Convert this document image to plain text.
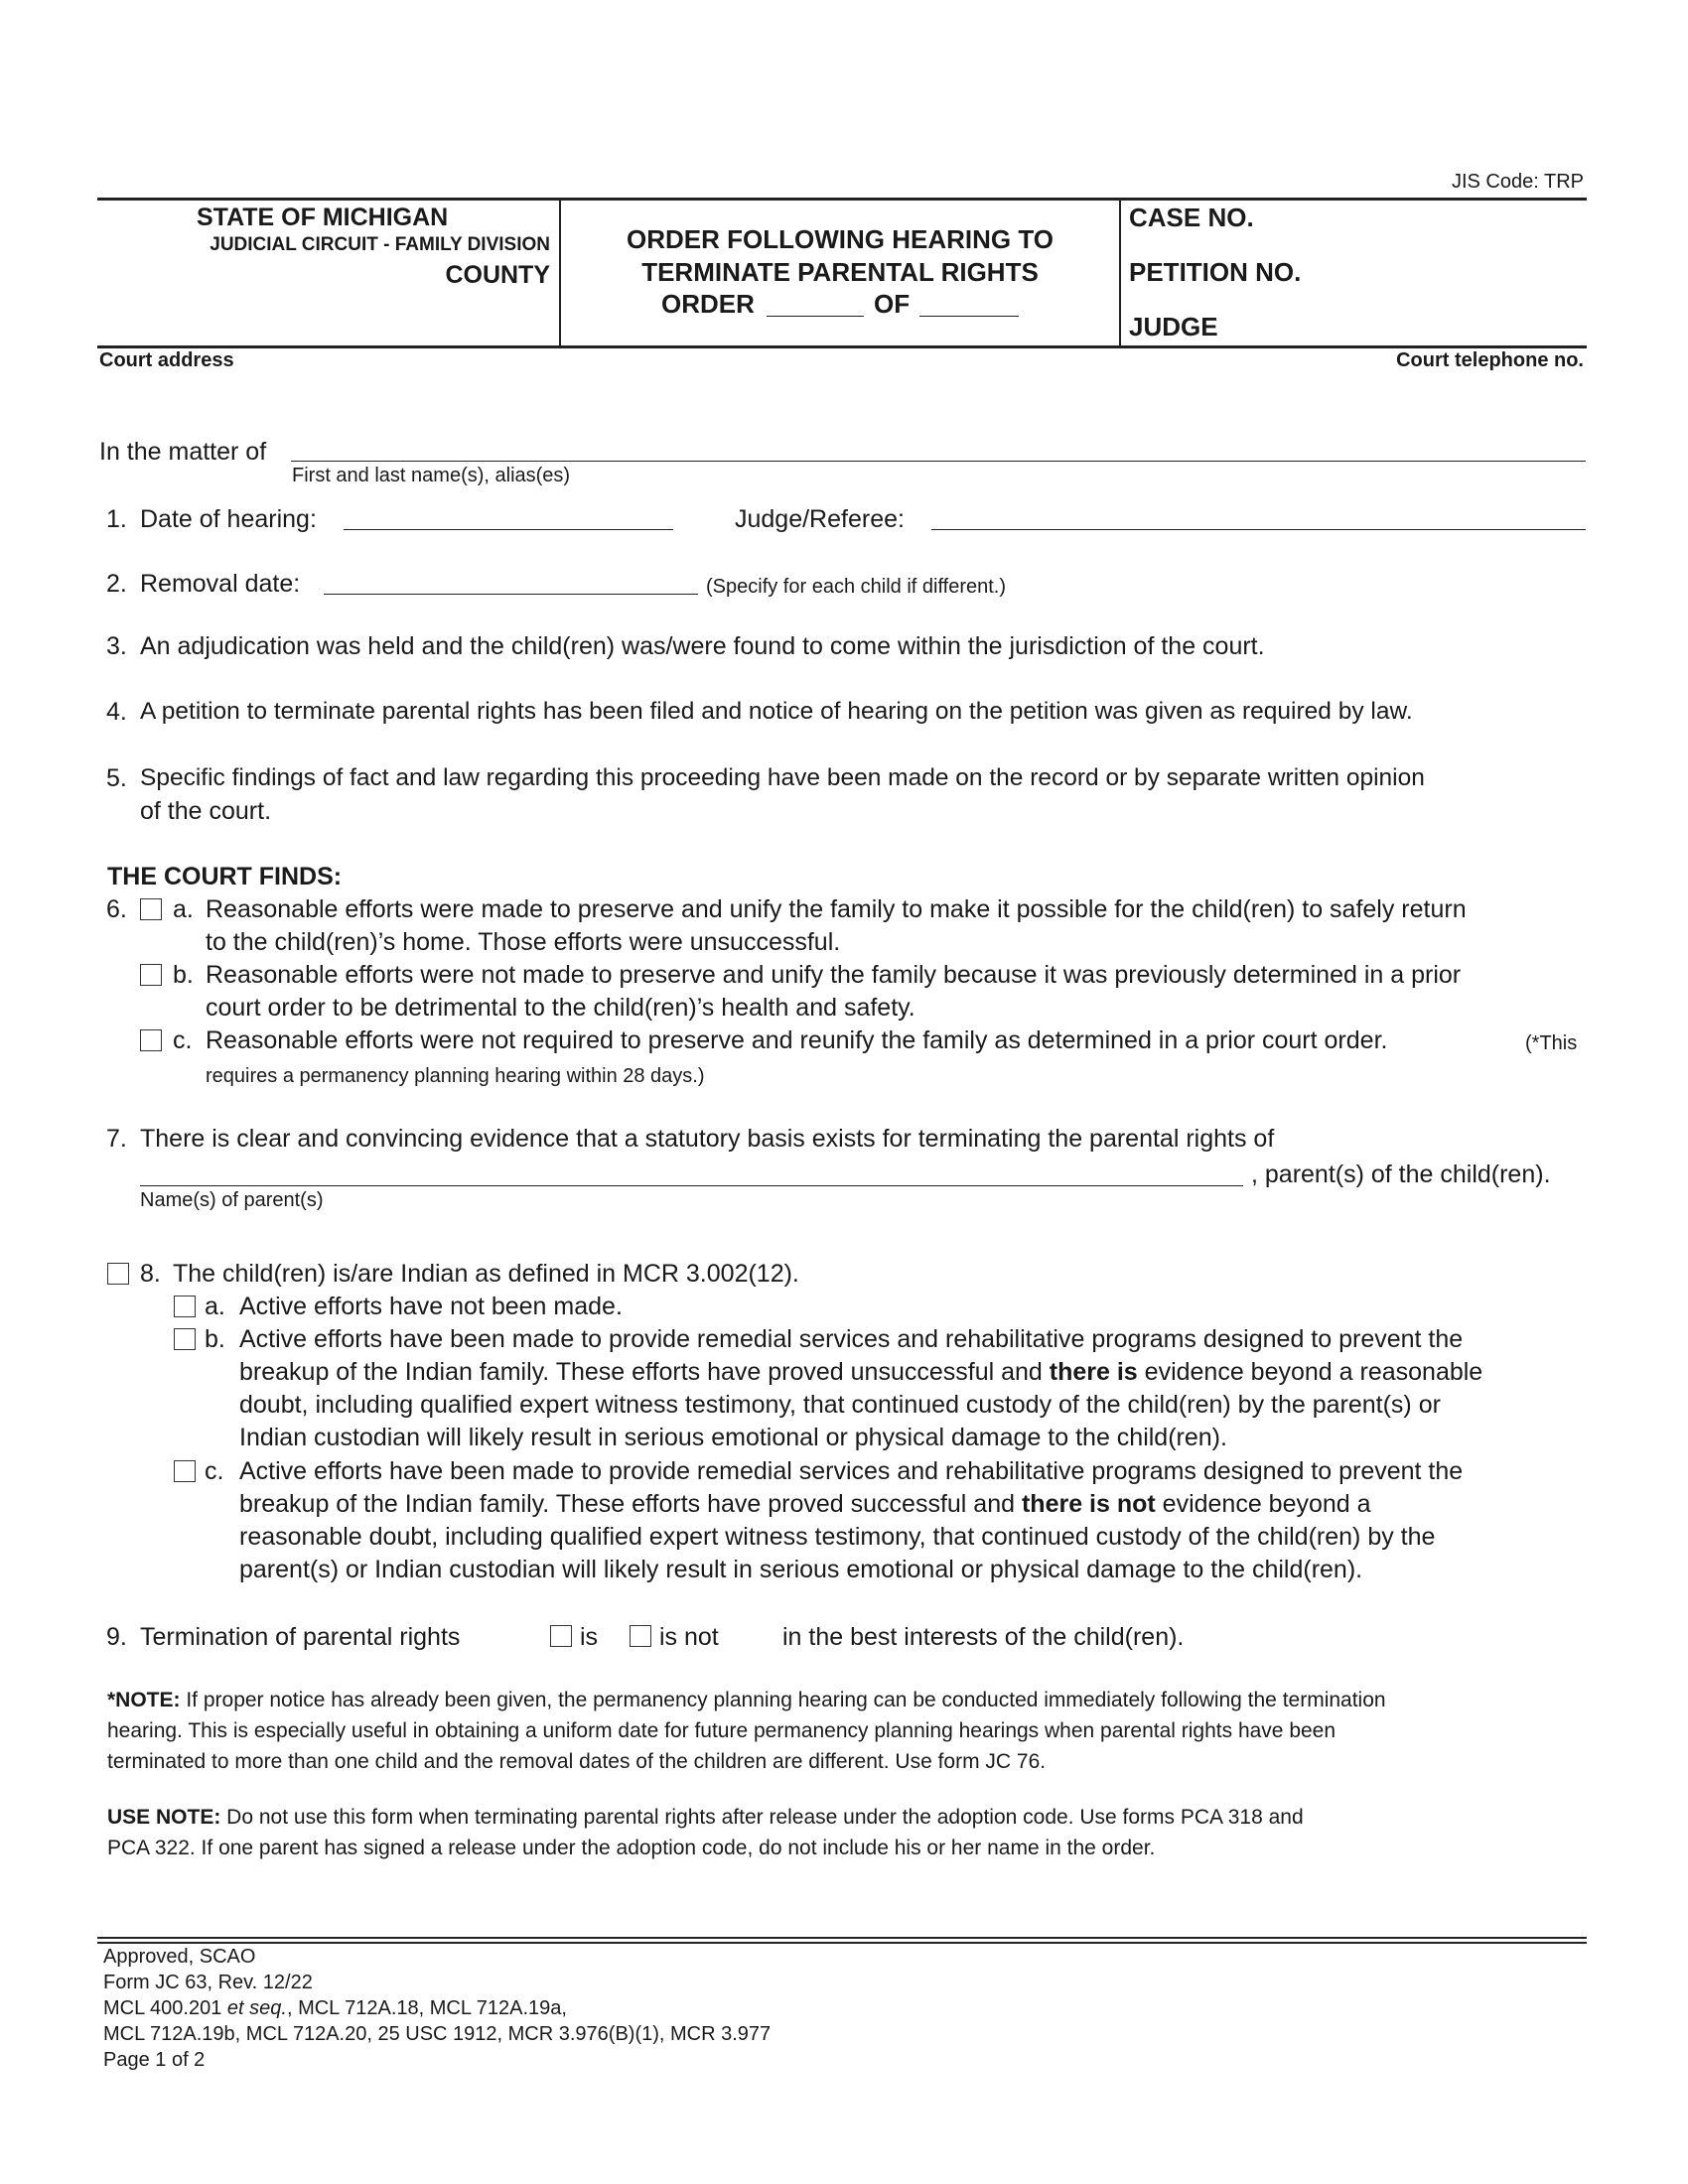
JIS Code: TRP
STATE OF MICHIGAN
JUDICIAL CIRCUIT - FAMILY DIVISION
COUNTY
ORDER FOLLOWING HEARING TO
TERMINATE PARENTAL RIGHTS
ORDER	OF
CASE NO.
PETITION NO.
JUDGE
Court address	Court telephone no.
In the matter of
First and last name(s), alias(es)
1. Date of hearing:	Judge/Referee:
2. Removal date:	(Specify for each child if different.)
3. An adjudication was held and the child(ren) was/were found to come within the jurisdiction of the court.
4. A petition to terminate parental rights has been filed and notice of hearing on the petition was given as required by law.
5. Specific findings of fact and law regarding this proceeding have been made on the record or by separate written opinion
of the court.
THE COURT FINDS:
6. a. Reasonable efforts were made to preserve and unify the family to make it possible for the child(ren) to safely return
to the child(ren)’s home. Those efforts were unsuccessful.
b. Reasonable efforts were not made to preserve and unify the family because it was previously determined in a prior
court order to be detrimental to the child(ren)’s health and safety.
c. Reasonable efforts were not required to preserve and reunify the family as determined in a prior court order.	(*This
requires a permanency planning hearing within 28 days.)
7. There is clear and convincing evidence that a statutory basis exists for terminating the parental rights of
, parent(s) of the child(ren).
Name(s) of parent(s)
8. The child(ren) is/are Indian as defined in MCR 3.002(12).
a. Active efforts have not been made.
b. Active efforts have been made to provide remedial services and rehabilitative programs designed to prevent the
breakup of the Indian family. These efforts have proved unsuccessful and there is evidence beyond a reasonable
doubt, including qualified expert witness testimony, that continued custody of the child(ren) by the parent(s) or
Indian custodian will likely result in serious emotional or physical damage to the child(ren).
c. Active efforts have been made to provide remedial services and rehabilitative programs designed to prevent the
breakup of the Indian family. These efforts have proved successful and there is not evidence beyond a
reasonable doubt, including qualified expert witness testimony, that continued custody of the child(ren) by the
parent(s) or Indian custodian will likely result in serious emotional or physical damage to the child(ren).
9. Termination of parental rights	is is not	in the best interests of the child(ren).
*NOTE: If proper notice has already been given, the permanency planning hearing can be conducted immediately following the termination
hearing. This is especially useful in obtaining a uniform date for future permanency planning hearings when parental rights have been
terminated to more than one child and the removal dates of the children are different. Use form JC 76.
USE NOTE: Do not use this form when terminating parental rights after release under the adoption code. Use forms PCA 318 and
PCA 322. If one parent has signed a release under the adoption code, do not include his or her name in the order.
Approved, SCAO
Form JC 63, Rev. 12/22
MCL 400.201 et seq., MCL 712A.18, MCL 712A.19a,
MCL 712A.19b, MCL 712A.20, 25 USC 1912, MCR 3.976(B)(1), MCR 3.977
Page 1 of 2
